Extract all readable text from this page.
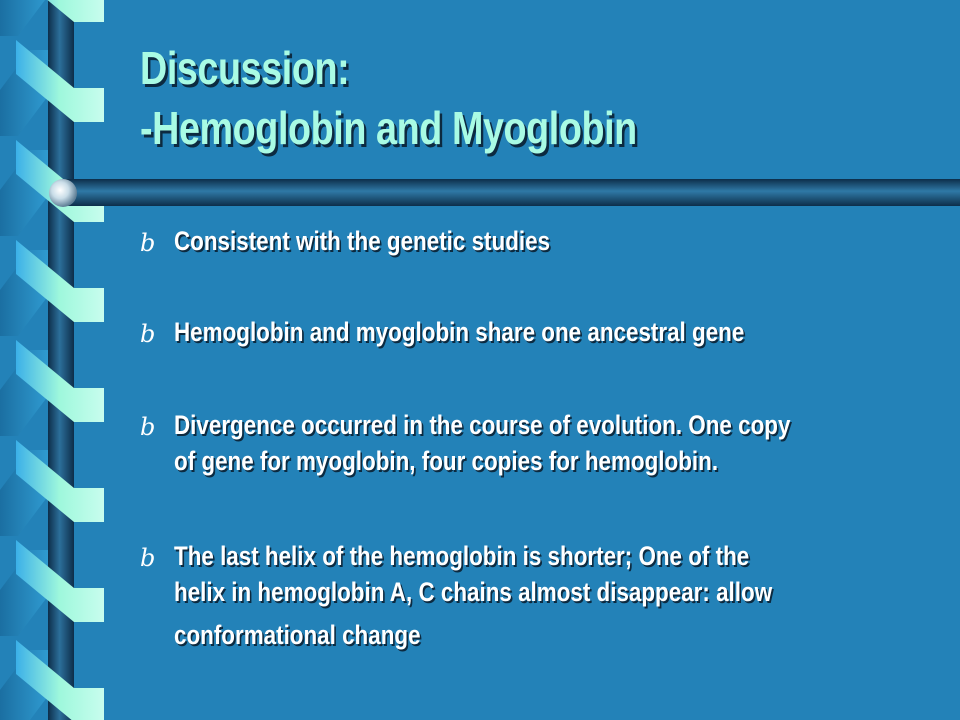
Discussion:
-Hemoglobin and Myoglobin
b Consistent with the genetic studies
b Hemoglobin and myoglobin share one ancestral gene
b Divergence occurred in the course of evolution. One copy
of gene for myoglobin, four copies for hemoglobin.
b The last helix of the hemoglobin is shorter; One of the
helix in hemoglobin A, C chains almost disappear: allow
conformational change
